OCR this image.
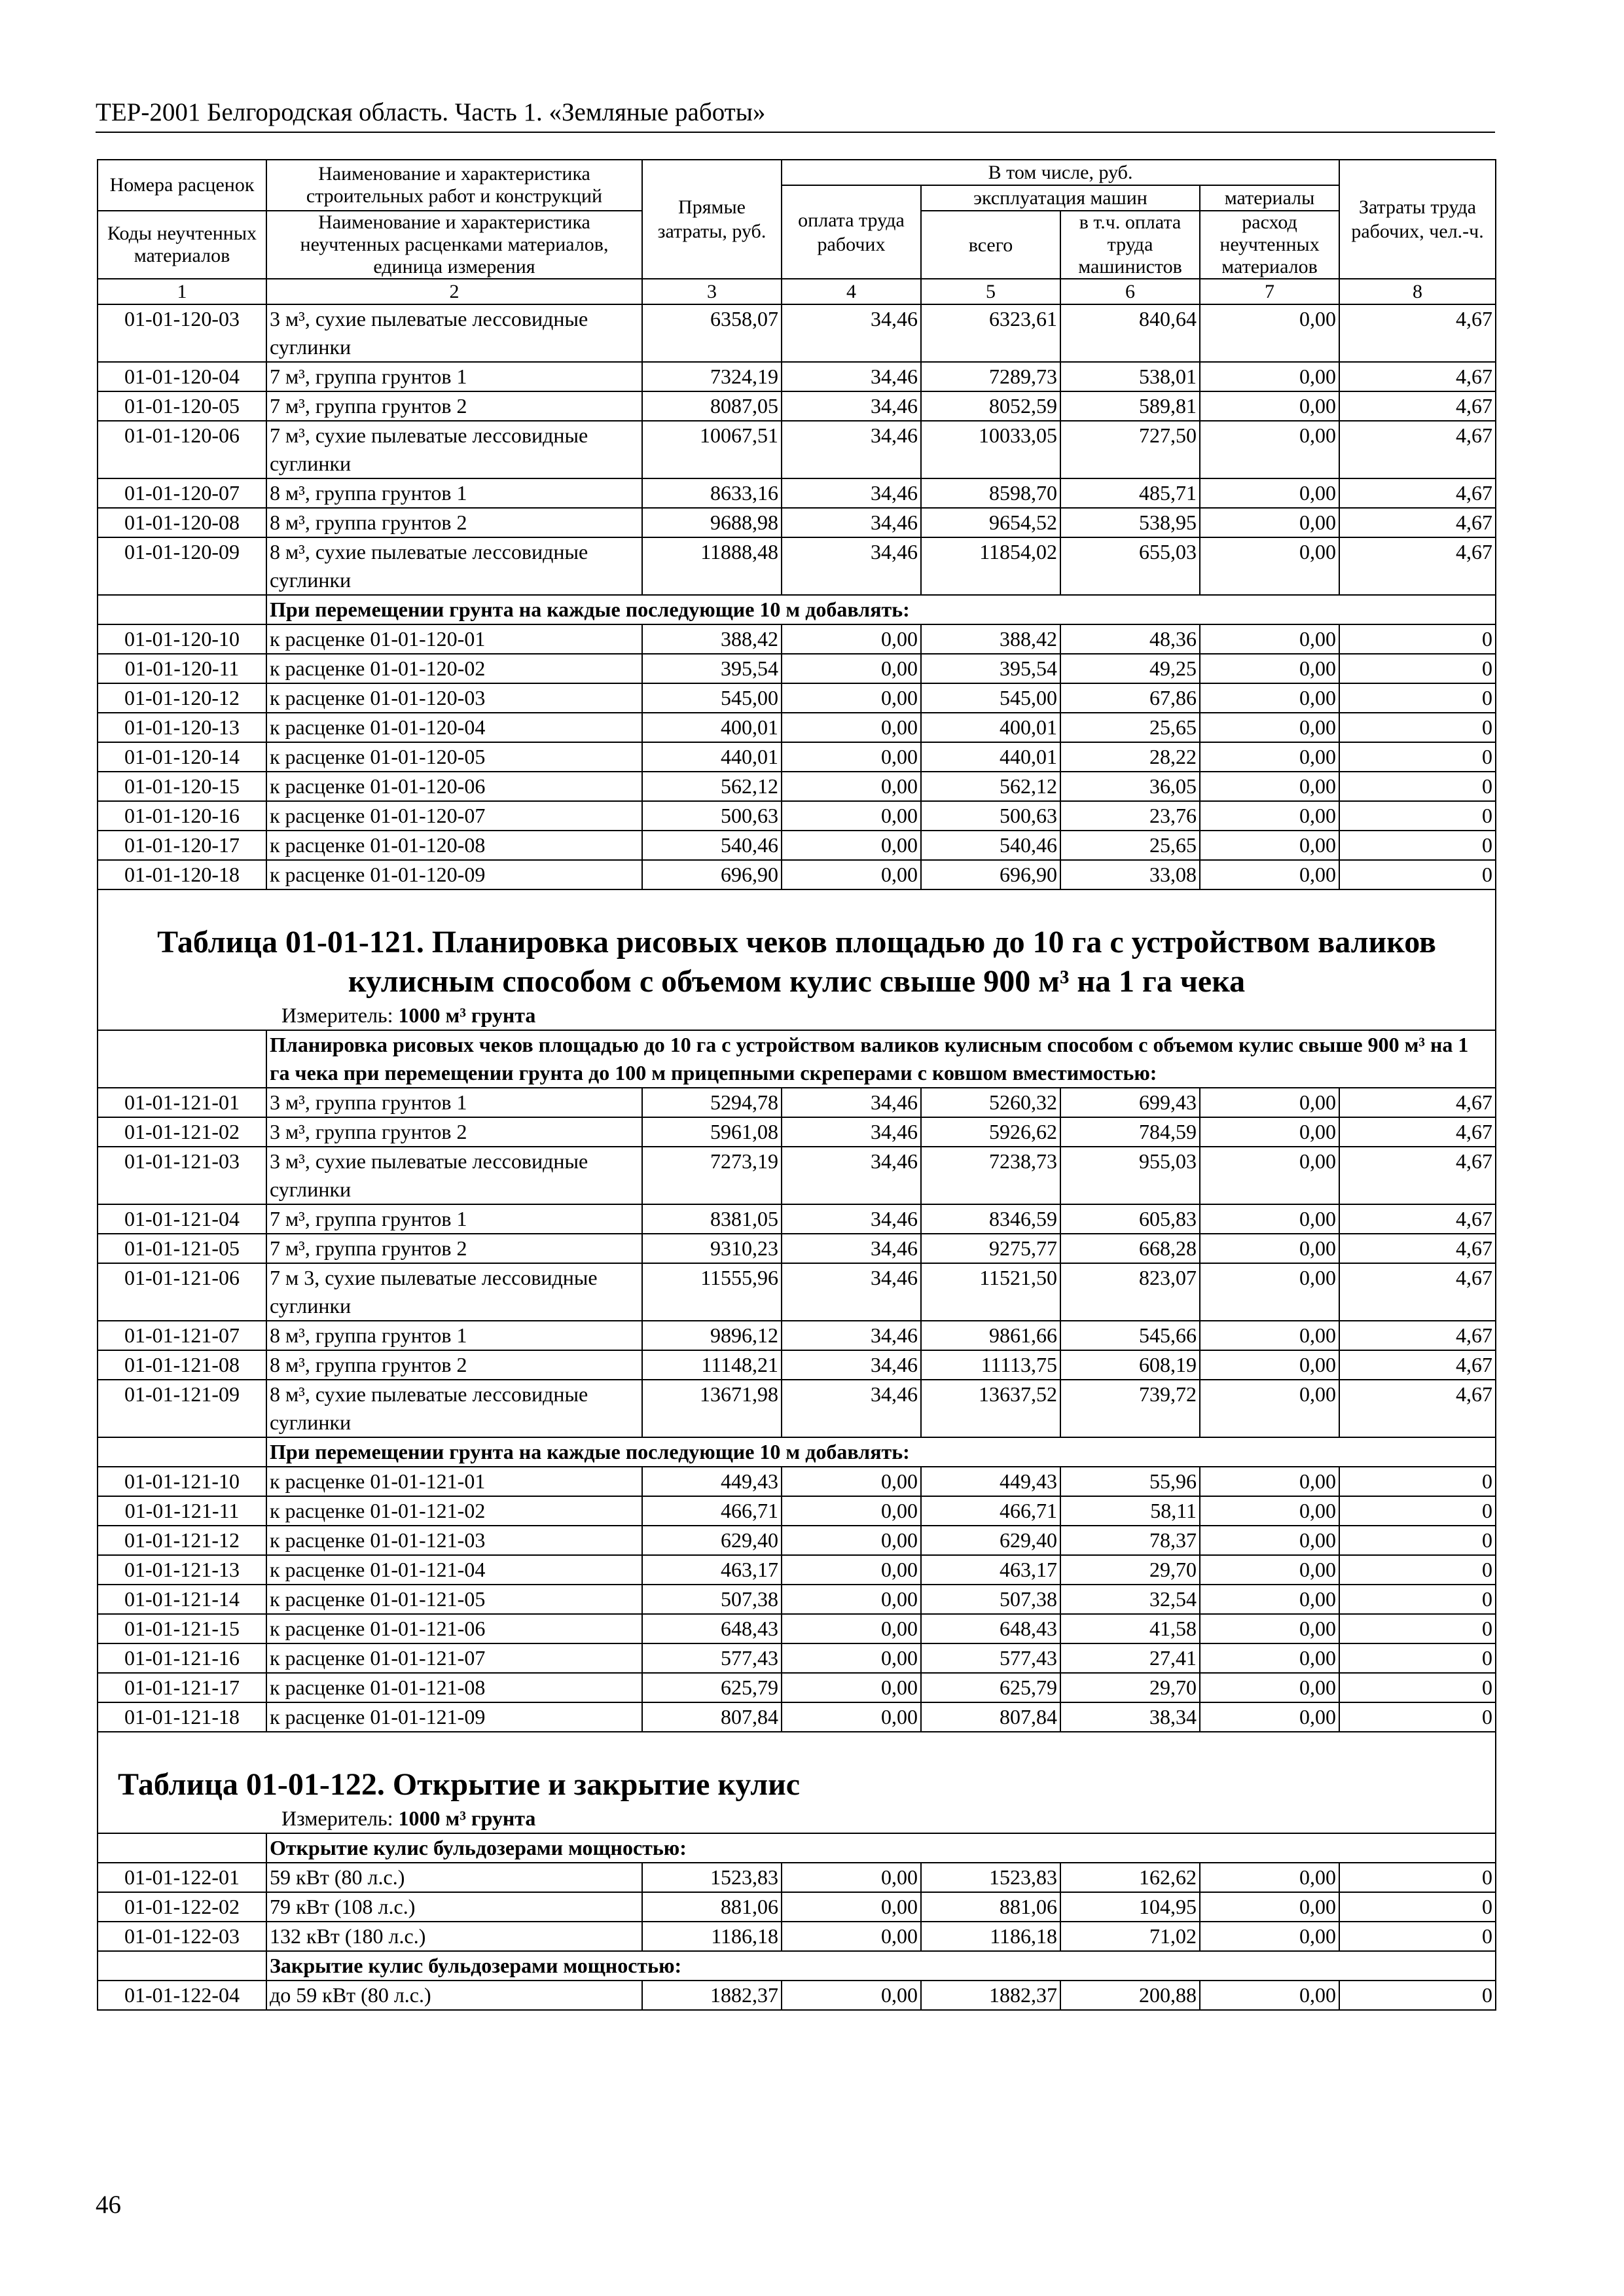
ТЕР-2001 Белгородская область. Часть 1. «Земляные работы»
Номера расценок	Наименование и характеристика строительных работ и конструкций	Прямые затраты, руб.	В том числе, руб.				Затраты труда рабочих, чел.-ч.
			оплата труда рабочих	эксплуатация машин		материалы	
Коды неучтенных материалов	Наименование и характеристика неучтенных расценками материалов, единица измерения			всего	в т.ч. оплата труда машинистов	расход неучтенных материалов	

1	2	3	4	5	6	7	8
01-01-120-03	3 м³, сухие пылеватые лессовидные суглинки	6358,07	34,46	6323,61	840,64	0,00	4,67
01-01-120-04	7 м³, группа грунтов 1	7324,19	34,46	7289,73	538,01	0,00	4,67
01-01-120-05	7 м³, группа грунтов 2	8087,05	34,46	8052,59	589,81	0,00	4,67
01-01-120-06	7 м³, сухие пылеватые лессовидные суглинки	10067,51	34,46	10033,05	727,50	0,00	4,67
01-01-120-07	8 м³, группа грунтов 1	8633,16	34,46	8598,70	485,71	0,00	4,67
01-01-120-08	8 м³, группа грунтов 2	9688,98	34,46	9654,52	538,95	0,00	4,67
01-01-120-09	8 м³, сухие пылеватые лессовидные суглинки	11888,48	34,46	11854,02	655,03	0,00	4,67
	При перемещении грунта на каждые последующие 10 м добавлять:						
01-01-120-10	к расценке 01-01-120-01	388,42	0,00	388,42	48,36	0,00	0
01-01-120-11	к расценке 01-01-120-02	395,54	0,00	395,54	49,25	0,00	0
01-01-120-12	к расценке 01-01-120-03	545,00	0,00	545,00	67,86	0,00	0
01-01-120-13	к расценке 01-01-120-04	400,01	0,00	400,01	25,65	0,00	0
01-01-120-14	к расценке 01-01-120-05	440,01	0,00	440,01	28,22	0,00	0
01-01-120-15	к расценке 01-01-120-06	562,12	0,00	562,12	36,05	0,00	0
01-01-120-16	к расценке 01-01-120-07	500,63	0,00	500,63	23,76	0,00	0
01-01-120-17	к расценке 01-01-120-08	540,46	0,00	540,46	25,65	0,00	0
01-01-120-18	к расценке 01-01-120-09	696,90	0,00	696,90	33,08	0,00	0

Таблица 01-01-121. Планировка рисовых чеков площадью до 10 га с устройством валиков кулисным способом с объемом кулис свыше 900 м³ на 1 га чека							
Измеритель: 1000 м³ грунта							
	Планировка рисовых чеков площадью до 10 га с устройством валиков кулисным способом с объемом кулис свыше 900 м³ на 1 га чека при перемещении грунта до 100 м прицепными скреперами с ковшом вместимостью:						
01-01-121-01	3 м³, группа грунтов 1	5294,78	34,46	5260,32	699,43	0,00	4,67
01-01-121-02	3 м³, группа грунтов 2	5961,08	34,46	5926,62	784,59	0,00	4,67
01-01-121-03	3 м³, сухие пылеватые лессовидные суглинки	7273,19	34,46	7238,73	955,03	0,00	4,67
01-01-121-04	7 м³, группа грунтов 1	8381,05	34,46	8346,59	605,83	0,00	4,67
01-01-121-05	7 м³, группа грунтов 2	9310,23	34,46	9275,77	668,28	0,00	4,67
01-01-121-06	7 м 3, сухие пылеватые лессовидные суглинки	11555,96	34,46	11521,50	823,07	0,00	4,67
01-01-121-07	8 м³, группа грунтов 1	9896,12	34,46	9861,66	545,66	0,00	4,67
01-01-121-08	8 м³, группа грунтов 2	11148,21	34,46	11113,75	608,19	0,00	4,67
01-01-121-09	8 м³, сухие пылеватые лессовидные суглинки	13671,98	34,46	13637,52	739,72	0,00	4,67
	При перемещении грунта на каждые последующие 10 м добавлять:						
01-01-121-10	к расценке 01-01-121-01	449,43	0,00	449,43	55,96	0,00	0
01-01-121-11	к расценке 01-01-121-02	466,71	0,00	466,71	58,11	0,00	0
01-01-121-12	к расценке 01-01-121-03	629,40	0,00	629,40	78,37	0,00	0
01-01-121-13	к расценке 01-01-121-04	463,17	0,00	463,17	29,70	0,00	0
01-01-121-14	к расценке 01-01-121-05	507,38	0,00	507,38	32,54	0,00	0
01-01-121-15	к расценке 01-01-121-06	648,43	0,00	648,43	41,58	0,00	0
01-01-121-16	к расценке 01-01-121-07	577,43	0,00	577,43	27,41	0,00	0
01-01-121-17	к расценке 01-01-121-08	625,79	0,00	625,79	29,70	0,00	0
01-01-121-18	к расценке 01-01-121-09	807,84	0,00	807,84	38,34	0,00	0

Таблица 01-01-122. Открытие и закрытие кулис							
Измеритель: 1000 м³ грунта							
	Открытие кулис бульдозерами мощностью:						
01-01-122-01	59 кВт (80 л.с.)	1523,83	0,00	1523,83	162,62	0,00	0
01-01-122-02	79 кВт (108 л.с.)	881,06	0,00	881,06	104,95	0,00	0
01-01-122-03	132 кВт (180 л.с.)	1186,18	0,00	1186,18	71,02	0,00	0
	Закрытие кулис бульдозерами мощностью:						
01-01-122-04	до 59 кВт (80 л.с.)	1882,37	0,00	1882,37	200,88	0,00	0
46
